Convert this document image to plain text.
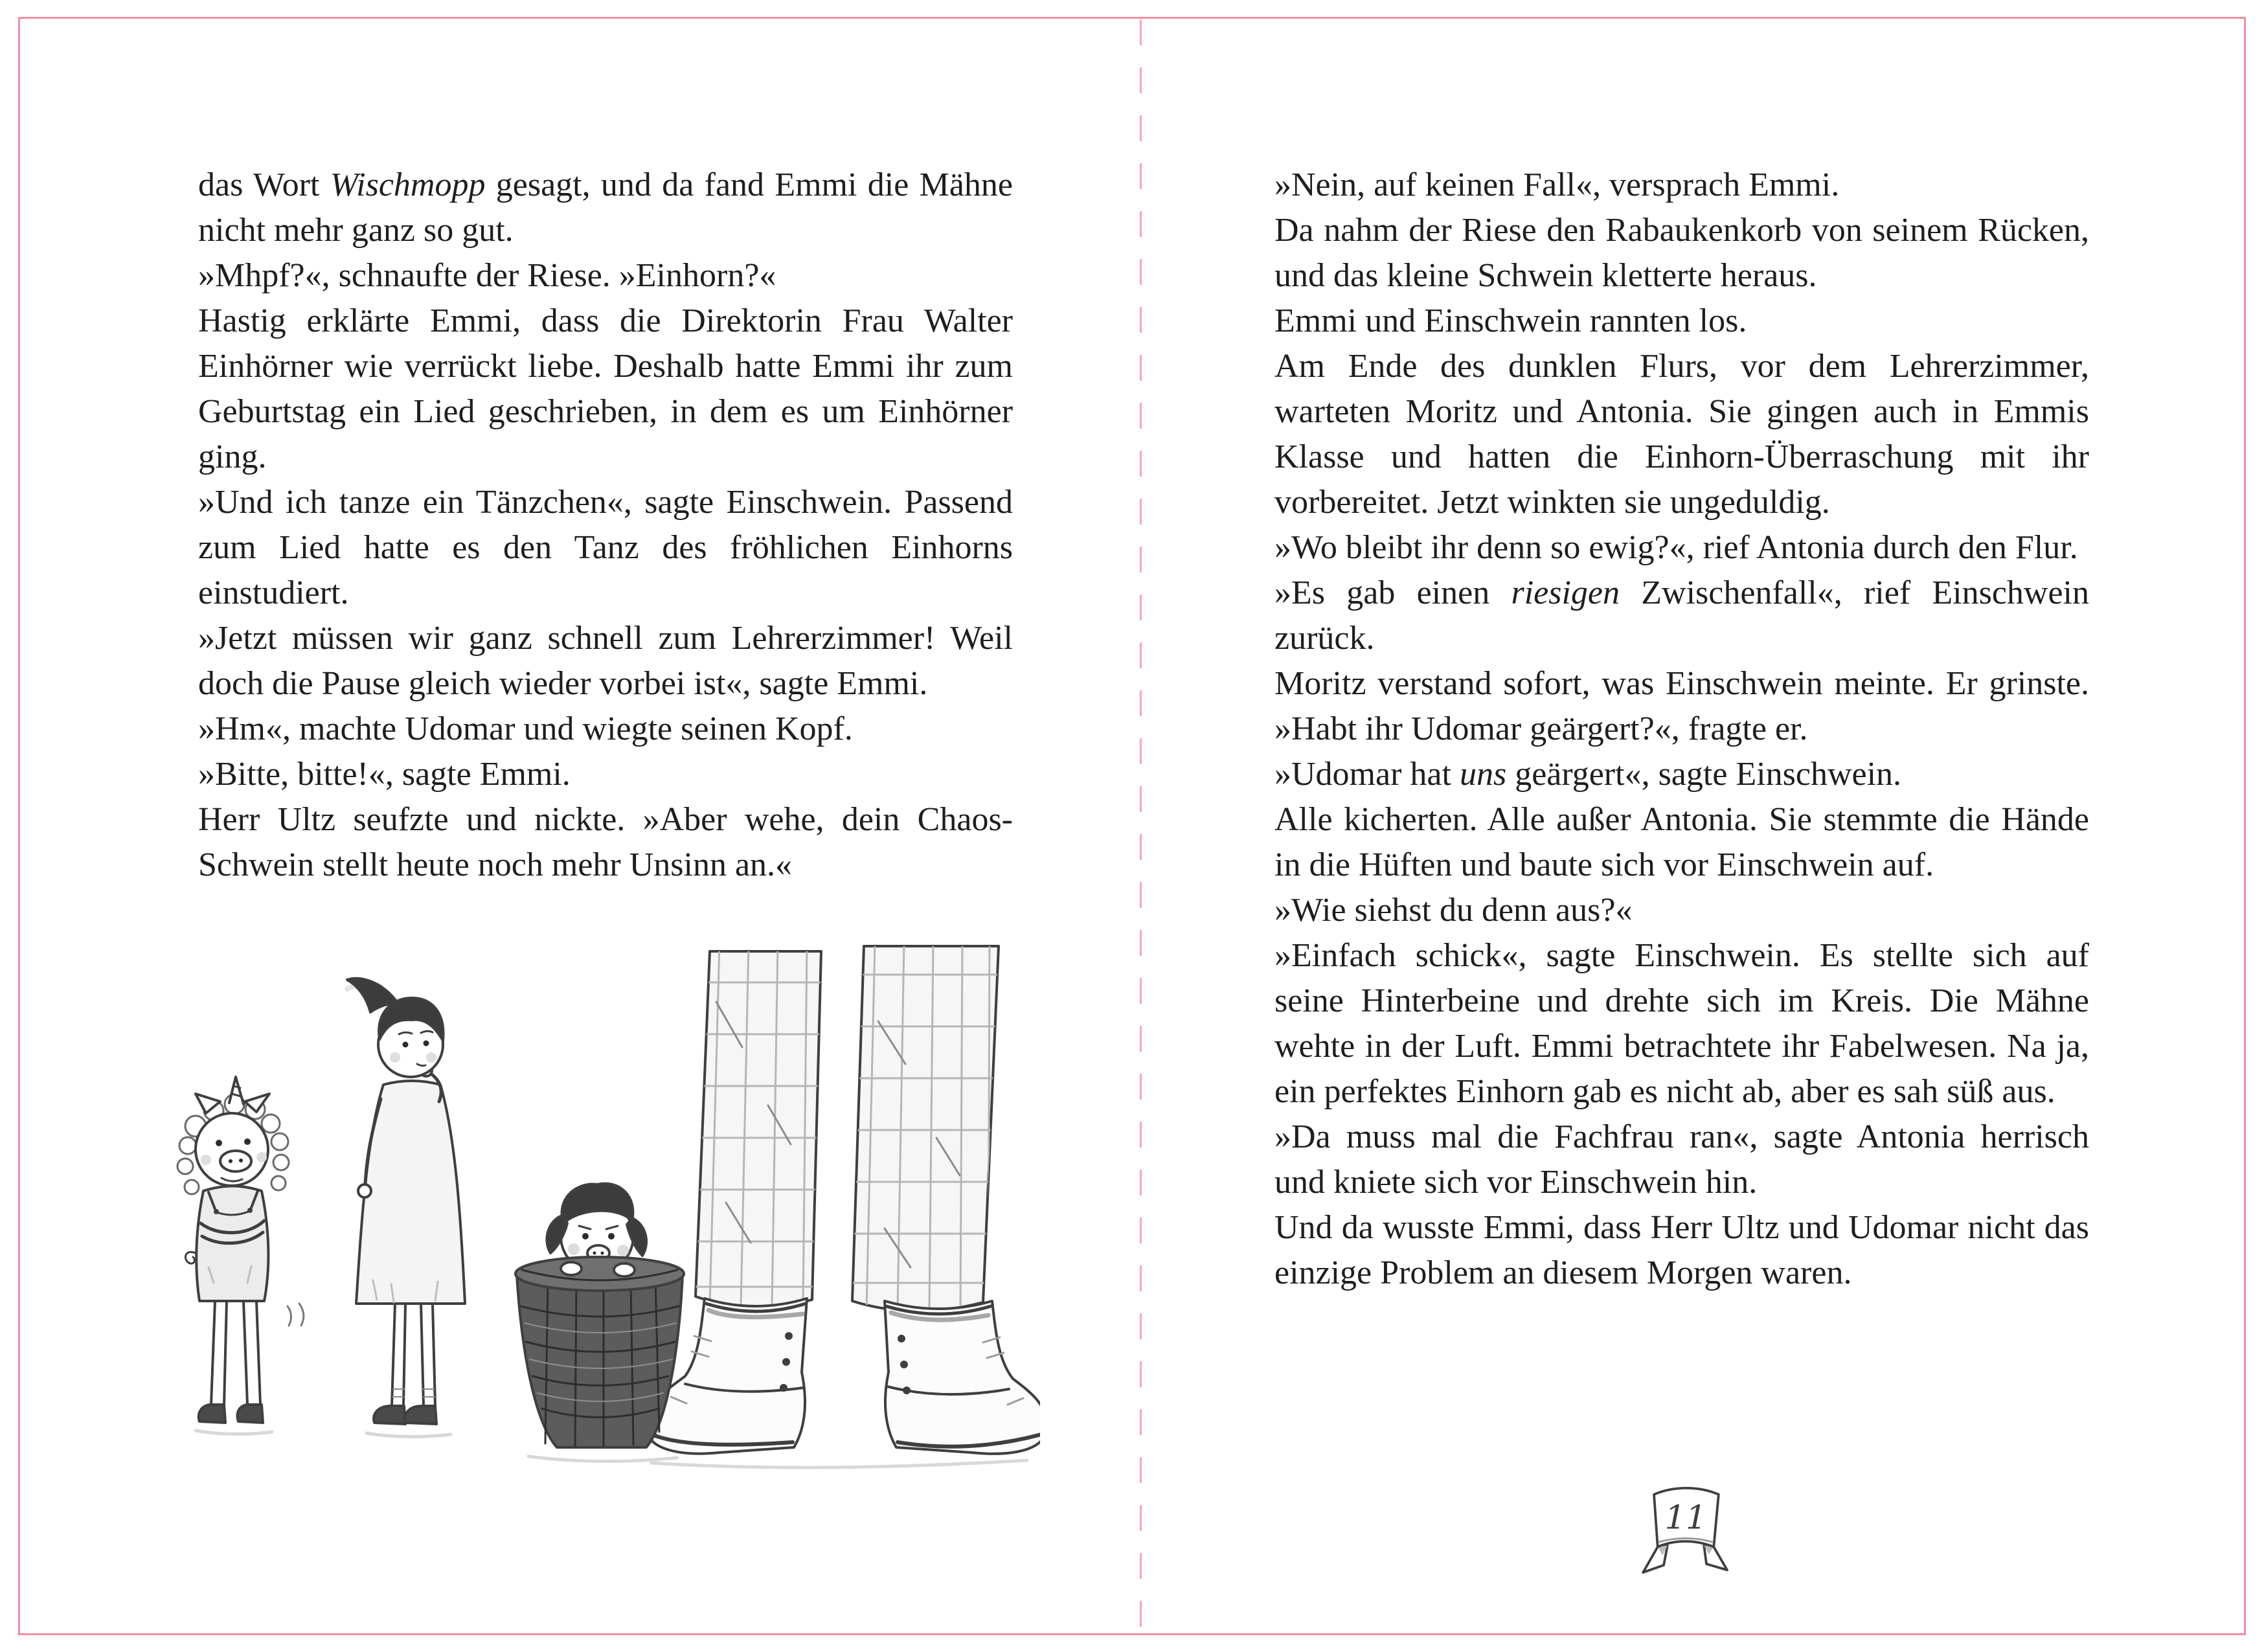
das Wort Wischmopp gesagt, und da fand Emmi die Mähne nicht mehr ganz so gut.

»Mhpf?«, schnaufte der Riese. »Einhorn?«

Hastig erklärte Emmi, dass die Direktorin Frau Walter Einhörner wie verrückt liebe. Deshalb hatte Emmi ihr zum Geburtstag ein Lied geschrieben, in dem es um Einhörner ging.

»Und ich tanze ein Tänzchen«, sagte Einschwein. Passend zum Lied hatte es den Tanz des fröhlichen Einhorns einstudiert.

»Jetzt müssen wir ganz schnell zum Lehrerzimmer! Weil doch die Pause gleich wieder vorbei ist«, sagte Emmi.

»Hm«, machte Udomar und wiegte seinen Kopf.

»Bitte, bitte!«, sagte Emmi.

Herr Ultz seufzte und nickte. »Aber wehe, dein Chaos-Schwein stellt heute noch mehr Unsinn an.«

»Nein, auf keinen Fall«, versprach Emmi.

Da nahm der Riese den Rabaukenkorb von seinem Rücken, und das kleine Schwein kletterte heraus.

Emmi und Einschwein rannten los.

Am Ende des dunklen Flurs, vor dem Lehrerzimmer, warteten Moritz und Antonia. Sie gingen auch in Emmis Klasse und hatten die Einhorn-Überraschung mit ihr vorbereitet. Jetzt winkten sie ungeduldig.

»Wo bleibt ihr denn so ewig?«, rief Antonia durch den Flur.

»Es gab einen riesigen Zwischenfall«, rief Einschwein zurück.

Moritz verstand sofort, was Einschwein meinte. Er grinste. »Habt ihr Udomar geärgert?«, fragte er.

»Udomar hat uns geärgert«, sagte Einschwein.

Alle kicherten. Alle außer Antonia. Sie stemmte die Hände in die Hüften und baute sich vor Einschwein auf.

»Wie siehst du denn aus?«

»Einfach schick«, sagte Einschwein. Es stellte sich auf seine Hinterbeine und drehte sich im Kreis. Die Mähne wehte in der Luft. Emmi betrachtete ihr Fabelwesen. Na ja, ein perfektes Einhorn gab es nicht ab, aber es sah süß aus.

»Da muss mal die Fachfrau ran«, sagte Antonia herrisch und kniete sich vor Einschwein hin.

Und da wusste Emmi, dass Herr Ultz und Udomar nicht das einzige Problem an diesem Morgen waren.

11
